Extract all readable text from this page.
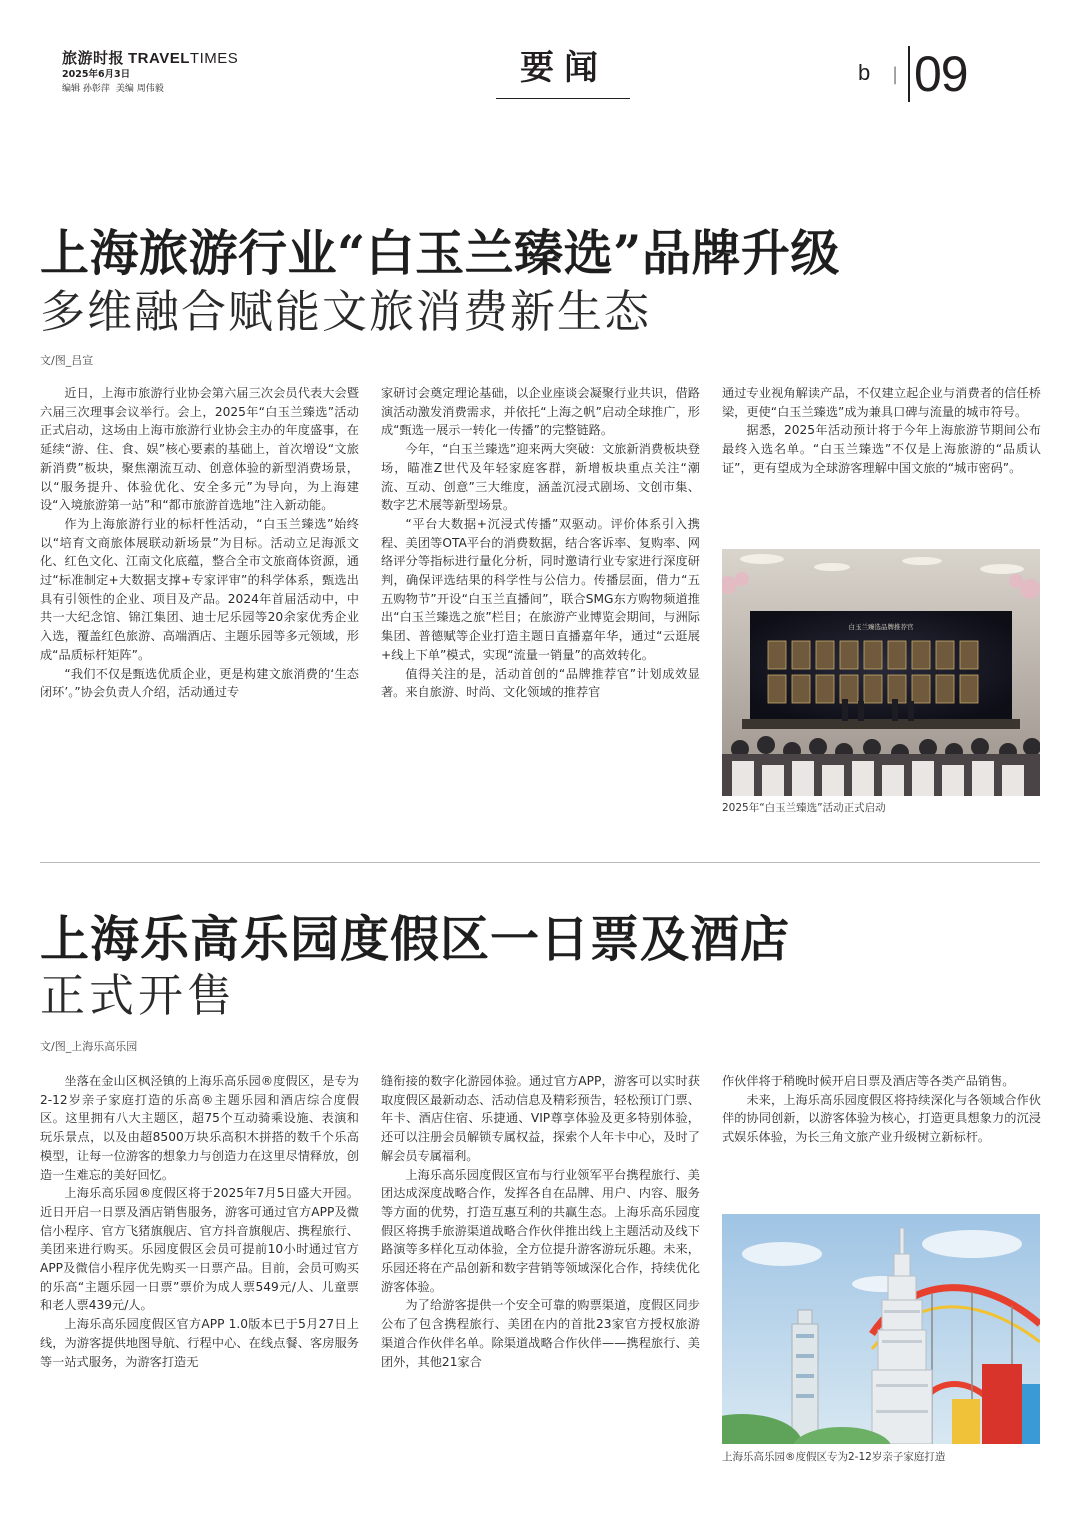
旅游时报 TRAVELTIMES
2025年6月3日
编辑 孙彰萍 美编 周伟毅
要闻	b | 09
上海旅游行业“白玉兰臻选”品牌升级
多维融合赋能文旅消费新生态
文/图_吕宣

近日，上海市旅游行业协会第六届三次会员代表大会暨六届三次理事会议举行。会上，2025年“白玉兰臻选”活动正式启动，这场由上海市旅游行业协会主办的年度盛事，在延续“游、住、食、娱”核心要素的基础上，首次增设“文旅新消费”板块，聚焦潮流互动、创意体验的新型消费场景，以“服务提升、体验优化、安全多元”为导向，为上海建设“入境旅游第一站”和“都市旅游首选地”注入新动能。

作为上海旅游行业的标杆性活动，“白玉兰臻选”始终以“培育文商旅体展联动新场景”为目标。活动立足海派文化、红色文化、江南文化底蕴，整合全市文旅商体资源，通过“标准制定+大数据支撑+专家评审”的科学体系，甄选出具有引领性的企业、项目及产品。2024年首届活动中，中共一大纪念馆、锦江集团、迪士尼乐园等20余家优秀企业入选，覆盖红色旅游、高端酒店、主题乐园等多元领域，形成“品质标杆矩阵”。

“我们不仅是甄选优质企业，更是构建文旅消费的‘生态闭环’。”协会负责人介绍，活动通过专

家研讨会奠定理论基础，以企业座谈会凝聚行业共识，借路演活动激发消费需求，并依托“上海之帆”启动全球推广，形成“甄选一展示一转化一传播”的完整链路。

今年，“白玉兰臻选”迎来两大突破：文旅新消费板块登场，瞄准Z世代及年轻家庭客群，新增板块重点关注“潮流、互动、创意”三大维度，涵盖沉浸式剧场、文创市集、数字艺术展等新型场景。

“平台大数据+沉浸式传播”双驱动。评价体系引入携程、美团等OTA平台的消费数据，结合客诉率、复购率、网络评分等指标进行量化分析，同时邀请行业专家进行深度研判，确保评选结果的科学性与公信力。传播层面，借力“五五购物节”开设“白玉兰直播间”，联合SMG东方购物频道推出“白玉兰臻选之旅”栏目；在旅游产业博览会期间，与洲际集团、普德赋等企业打造主题日直播嘉年华，通过“云逛展+线上下单”模式，实现“流量一销量”的高效转化。

值得关注的是，活动首创的“品牌推荐官”计划成效显著。来自旅游、时尚、文化领域的推荐官

通过专业视角解读产品，不仅建立起企业与消费者的信任桥梁，更使“白玉兰臻选”成为兼具口碑与流量的城市符号。

据悉，2025年活动预计将于今年上海旅游节期间公布最终入选名单。“白玉兰臻选”不仅是上海旅游的“品质认证”，更有望成为全球游客理解中国文旅的“城市密码”。

白玉兰臻选品牌推荐官
2025年“白玉兰臻选”活动正式启动
上海乐高乐园度假区一日票及酒店
正式开售
文/图_上海乐高乐园

坐落在金山区枫泾镇的上海乐高乐园®度假区，是专为2-12岁亲子家庭打造的乐高®主题乐园和酒店综合度假区。这里拥有八大主题区，超75个互动骑乘设施、表演和玩乐景点，以及由超8500万块乐高积木拼搭的数千个乐高模型，让每一位游客的想象力与创造力在这里尽情释放，创造一生难忘的美好回忆。

上海乐高乐园®度假区将于2025年7月5日盛大开园。近日开启一日票及酒店销售服务，游客可通过官方APP及微信小程序、官方飞猪旗舰店、官方抖音旗舰店、携程旅行、美团来进行购买。乐园度假区会员可提前10小时通过官方APP及微信小程序优先购买一日票产品。目前，会员可购买的乐高“主题乐园一日票”票价为成人票549元/人、儿童票和老人票439元/人。

上海乐高乐园度假区官方APP 1.0版本已于5月27日上线，为游客提供地图导航、行程中心、在线点餐、客房服务等一站式服务，为游客打造无

缝衔接的数字化游园体验。通过官方APP，游客可以实时获取度假区最新动态、活动信息及精彩预告，轻松预订门票、年卡、酒店住宿、乐捷通、VIP尊享体验及更多特别体验，还可以注册会员解锁专属权益，探索个人年卡中心，及时了解会员专属福利。

上海乐高乐园度假区宣布与行业领军平台携程旅行、美团达成深度战略合作，发挥各自在品牌、用户、内容、服务等方面的优势，打造互惠互利的共赢生态。上海乐高乐园度假区将携手旅游渠道战略合作伙伴推出线上主题活动及线下路演等多样化互动体验，全方位提升游客游玩乐趣。未来，乐园还将在产品创新和数字营销等领域深化合作，持续优化游客体验。

为了给游客提供一个安全可靠的购票渠道，度假区同步公布了包含携程旅行、美团在内的首批23家官方授权旅游渠道合作伙伴名单。除渠道战略合作伙伴——携程旅行、美团外，其他21家合

作伙伴将于稍晚时候开启日票及酒店等各类产品销售。

未来，上海乐高乐园度假区将持续深化与各领域合作伙伴的协同创新，以游客体验为核心，打造更具想象力的沉浸式娱乐体验，为长三角文旅产业升级树立新标杆。

上海乐高乐园®度假区专为2-12岁亲子家庭打造
